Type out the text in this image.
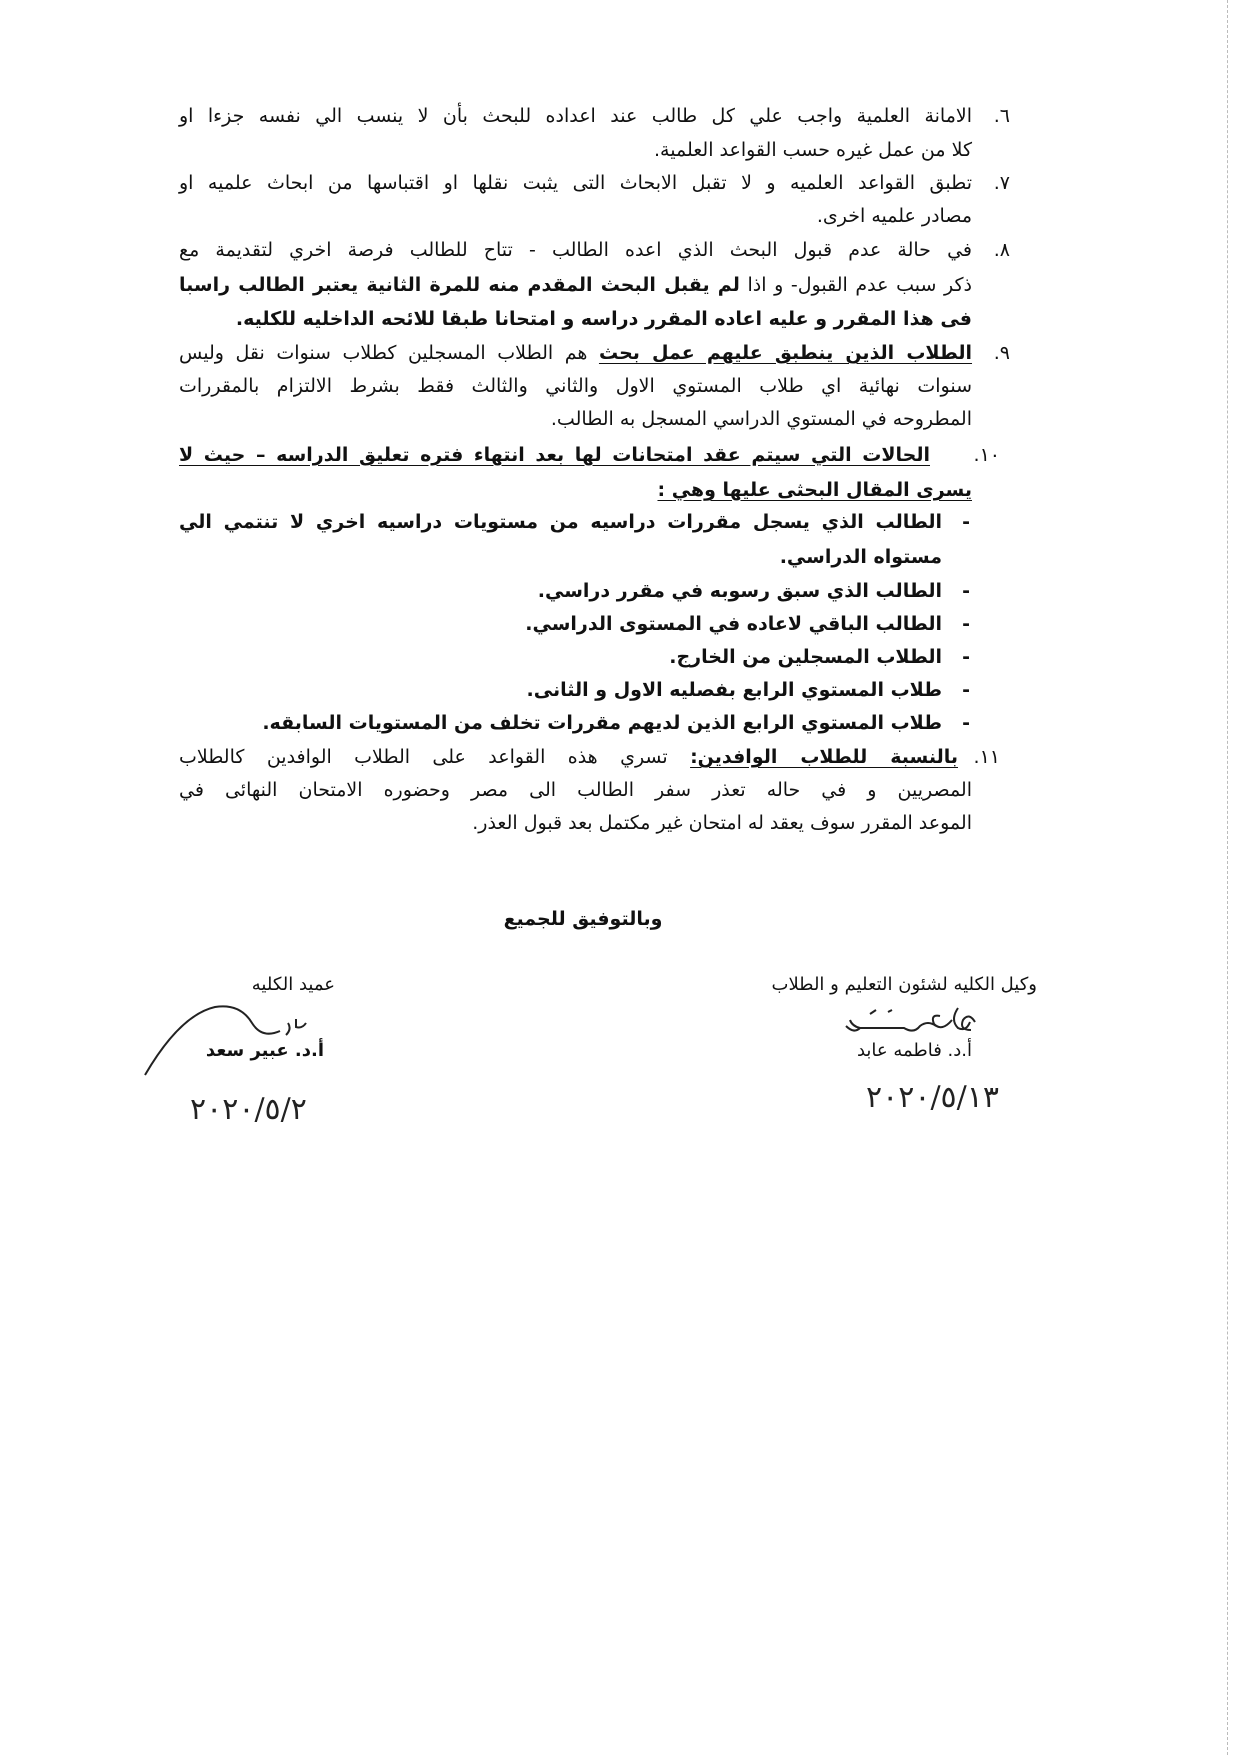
٦.
الامانة العلمية واجب علي كل طالب عند اعداده للبحث بأن لا ينسب الي نفسه جزءا او
كلا من عمل غيره حسب القواعد العلمية.
٧.
تطبق القواعد العلميه و لا تقبل الابحاث التى يثبت نقلها او اقتباسها من ابحاث علميه او
مصادر علميه اخرى.
٨.
في حالة عدم قبول البحث الذي اعده الطالب - تتاح للطالب فرصة اخري لتقديمة مع
ذكر سبب عدم القبول- و اذا لم يقبل البحث المقدم منه للمرة الثانية يعتبر الطالب راسبا
فى هذا المقرر و عليه اعاده المقرر دراسه و امتحانا طبقا للائحه الداخليه للكليه.
٩.
الطلاب الذين ينطبق عليهم عمل بحث هم الطلاب المسجلين كطلاب سنوات نقل وليس
سنوات نهائية اي طلاب المستوي الاول والثاني والثالث فقط بشرط الالتزام بالمقررات
المطروحه في المستوي الدراسي المسجل به الطالب.
١٠.
الحالات التي سيتم عقد امتحانات لها بعد انتهاء فتره تعليق الدراسه – حيث لا
يسرى المقال البحثى عليها وهي :
-
الطالب الذي يسجل مقررات دراسيه من مستويات دراسيه اخري لا تنتمي الي
مستواه الدراسي.
-
الطالب الذي سبق رسوبه في مقرر دراسي.
-
الطالب الباقي لاعاده في المستوى الدراسي.
-
الطلاب المسجلين من الخارج.
-
طلاب المستوي الرابع بفصليه الاول و الثانى.
-
طلاب المستوي الرابع الذين لديهم مقررات تخلف من المستويات السابقه.
١١.
بالنسبة للطلاب الوافدين: تسري هذه القواعد على الطلاب الوافدين كالطلاب
المصريين و في حاله تعذر سفر الطالب الى مصر وحضوره الامتحان النهائى في
الموعد المقرر سوف يعقد له امتحان غير مكتمل بعد قبول العذر.
وبالتوفيق للجميع
وكيل الكليه لشئون التعليم و الطلاب
أ.د. فاطمه عابد
٢٠٢٠/٥/١٣
عميد الكليه
أ.د. عبير سعد
٢٠٢٠/٥/٢
